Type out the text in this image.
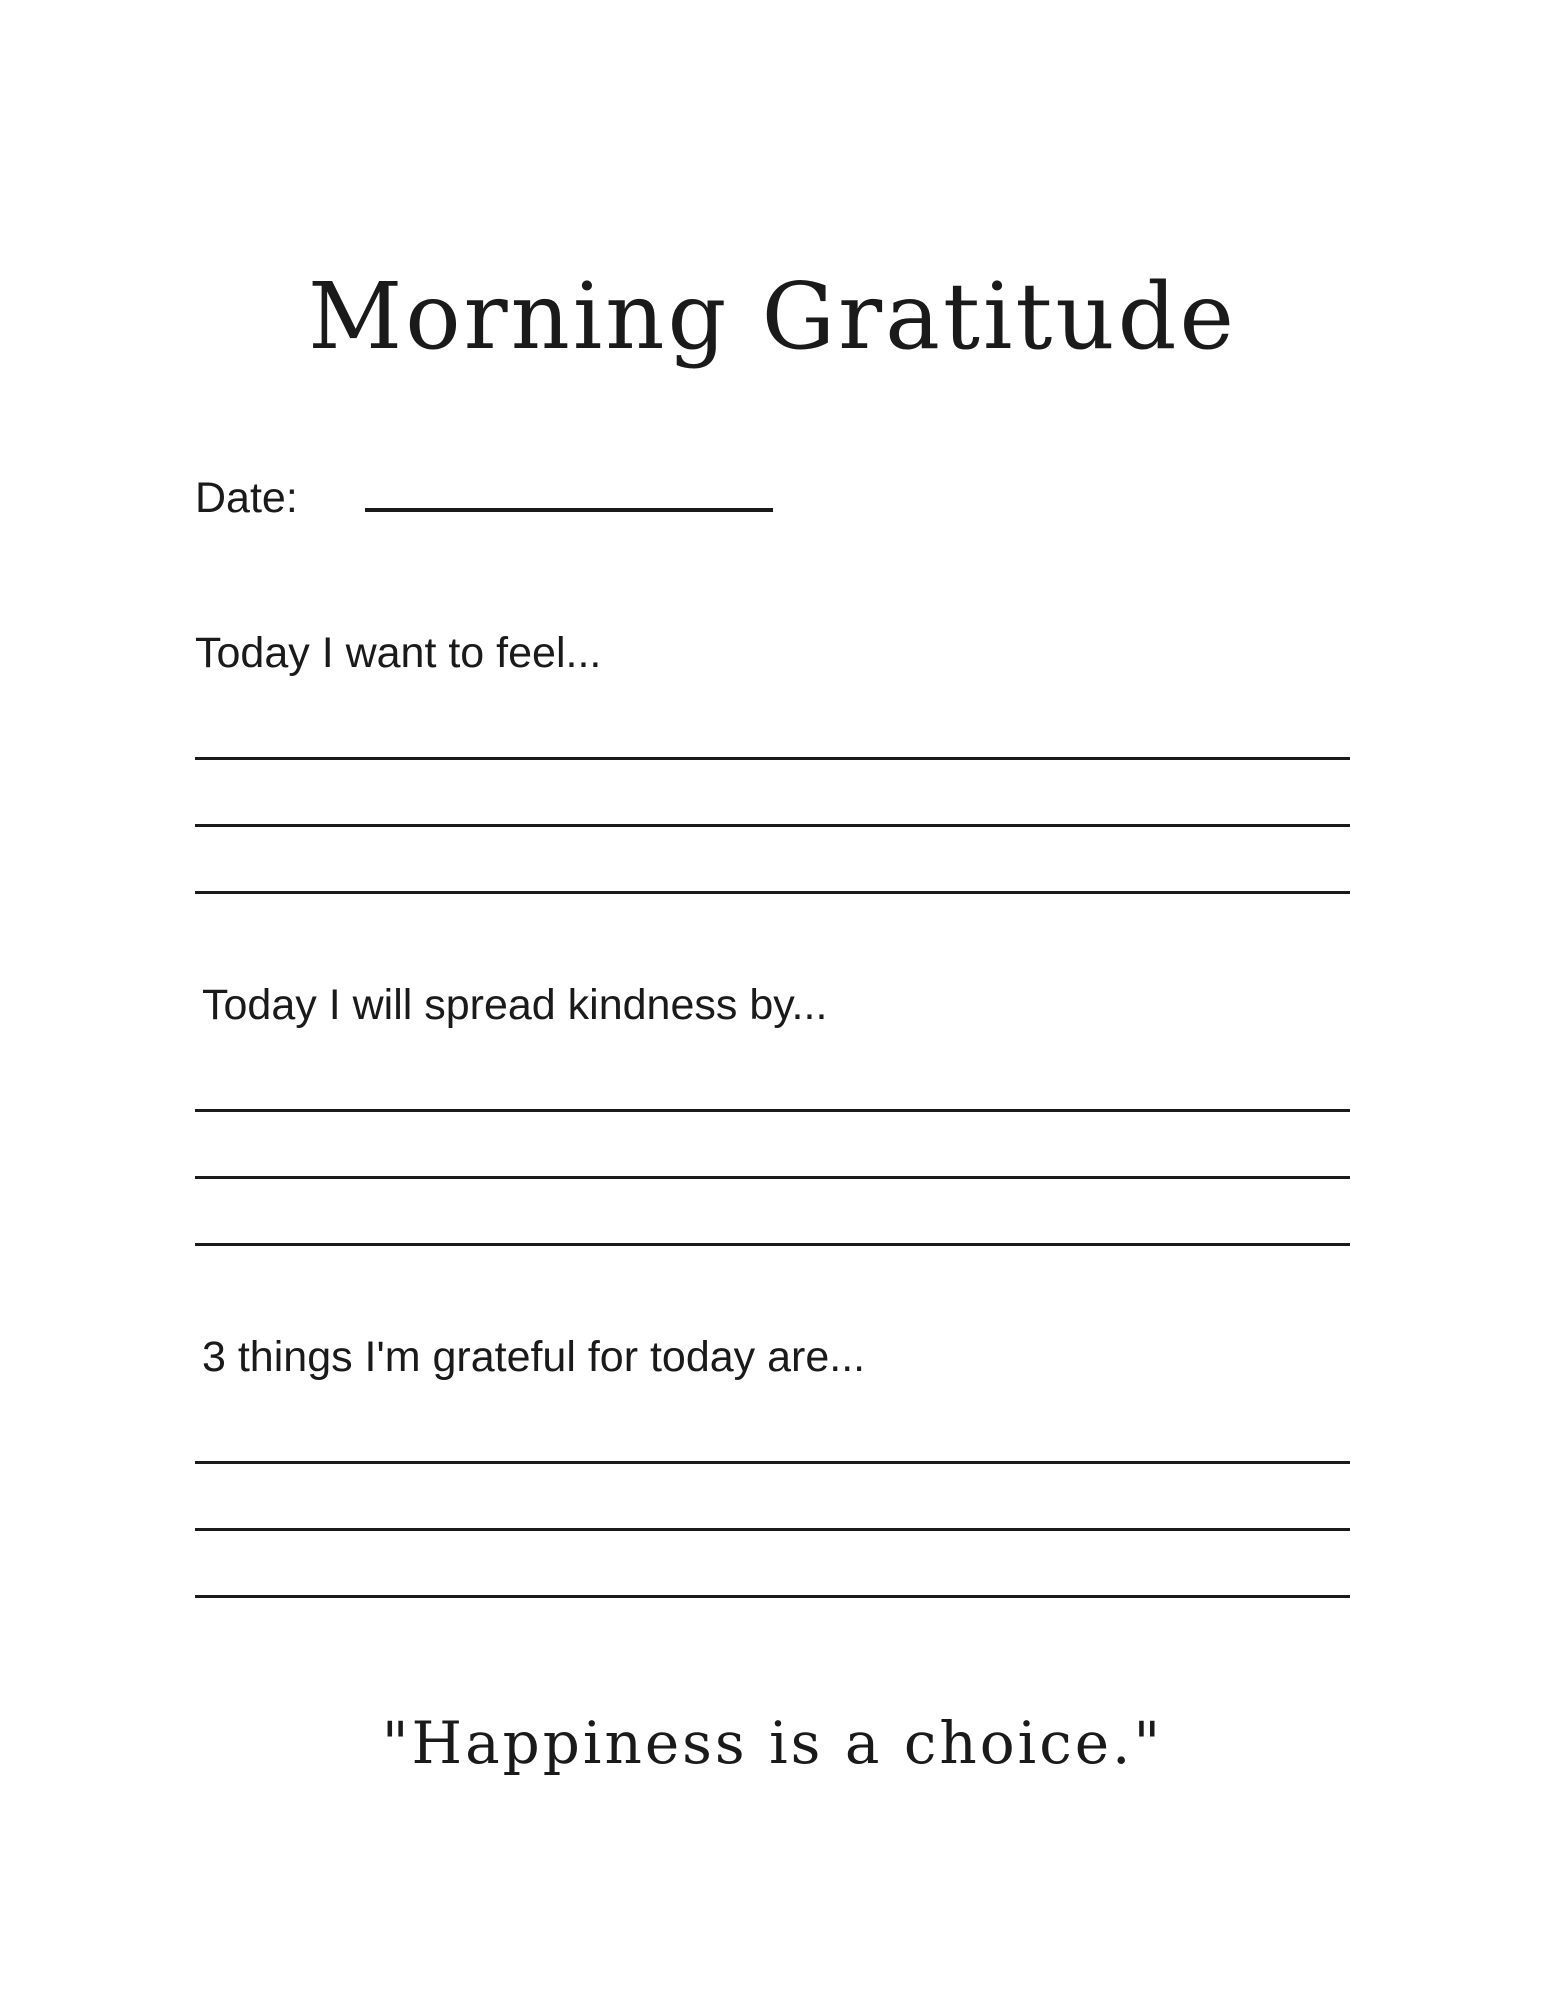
Morning Gratitude
Date:
Today I want to feel...
Today I will spread kindness by...
3 things I'm grateful for today are...
"Happiness is a choice."
